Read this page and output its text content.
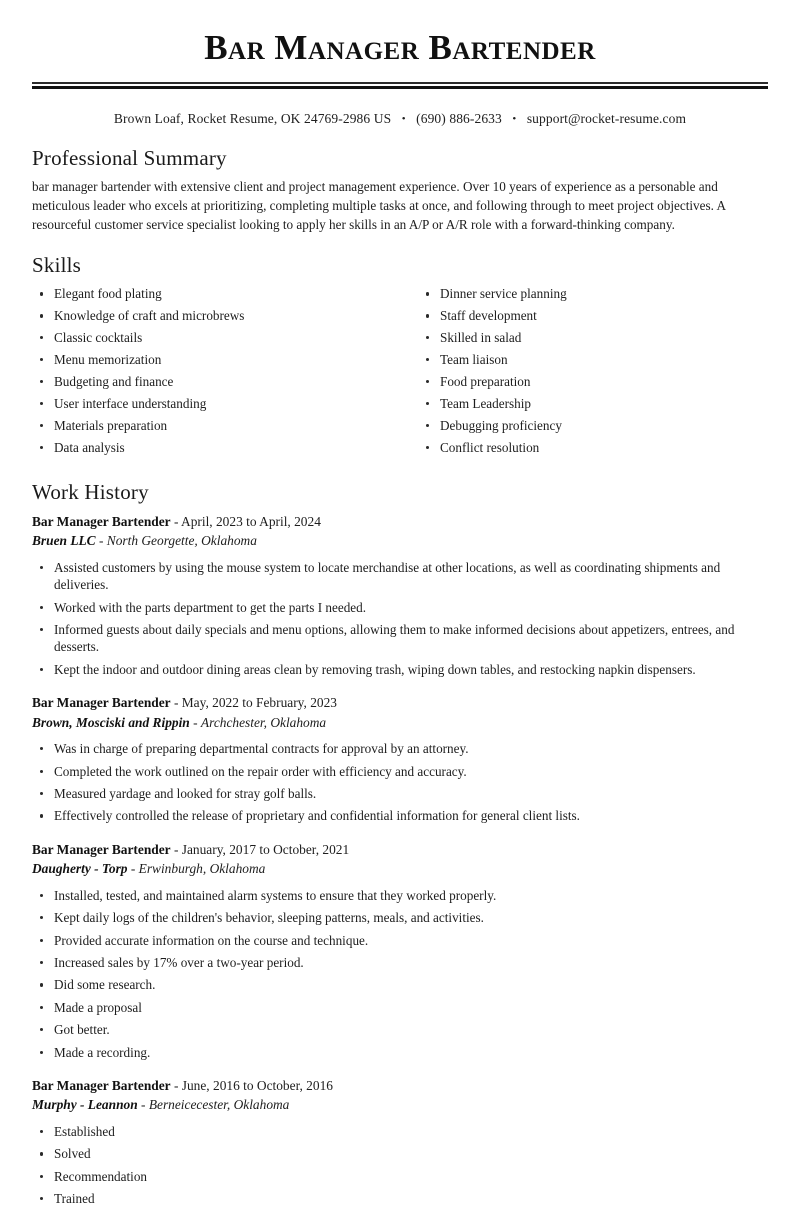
Bar Manager Bartender
Brown Loaf, Rocket Resume, OK 24769-2986 US • (690) 886-2633 • support@rocket-resume.com
Professional Summary

bar manager bartender with extensive client and project management experience. Over 10 years of experience as a personable and meticulous leader who excels at prioritizing, completing multiple tasks at once, and following through to meet project objectives. A resourceful customer service specialist looking to apply her skills in an A/P or A/R role with a forward-thinking company.

Skills
Elegant food plating
Knowledge of craft and microbrews
Classic cocktails
Menu memorization
Budgeting and finance
User interface understanding
Materials preparation
Data analysis
Dinner service planning
Staff development
Skilled in salad
Team liaison
Food preparation
Team Leadership
Debugging proficiency
Conflict resolution
Work History
Bar Manager Bartender - April, 2023 to April, 2024
Bruen LLC - North Georgette, Oklahoma
Assisted customers by using the mouse system to locate merchandise at other locations, as well as coordinating shipments and deliveries.
Worked with the parts department to get the parts I needed.
Informed guests about daily specials and menu options, allowing them to make informed decisions about appetizers, entrees, and desserts.
Kept the indoor and outdoor dining areas clean by removing trash, wiping down tables, and restocking napkin dispensers.
Bar Manager Bartender - May, 2022 to February, 2023
Brown, Mosciski and Rippin - Archchester, Oklahoma
Was in charge of preparing departmental contracts for approval by an attorney.
Completed the work outlined on the repair order with efficiency and accuracy.
Measured yardage and looked for stray golf balls.
Effectively controlled the release of proprietary and confidential information for general client lists.
Bar Manager Bartender - January, 2017 to October, 2021
Daugherty - Torp - Erwinburgh, Oklahoma
Installed, tested, and maintained alarm systems to ensure that they worked properly.
Kept daily logs of the children's behavior, sleeping patterns, meals, and activities.
Provided accurate information on the course and technique.
Increased sales by 17% over a two-year period.
Did some research.
Made a proposal
Got better.
Made a recording.
Bar Manager Bartender - June, 2016 to October, 2016
Murphy - Leannon - Berneicecester, Oklahoma
Established
Solved
Recommendation
Trained
